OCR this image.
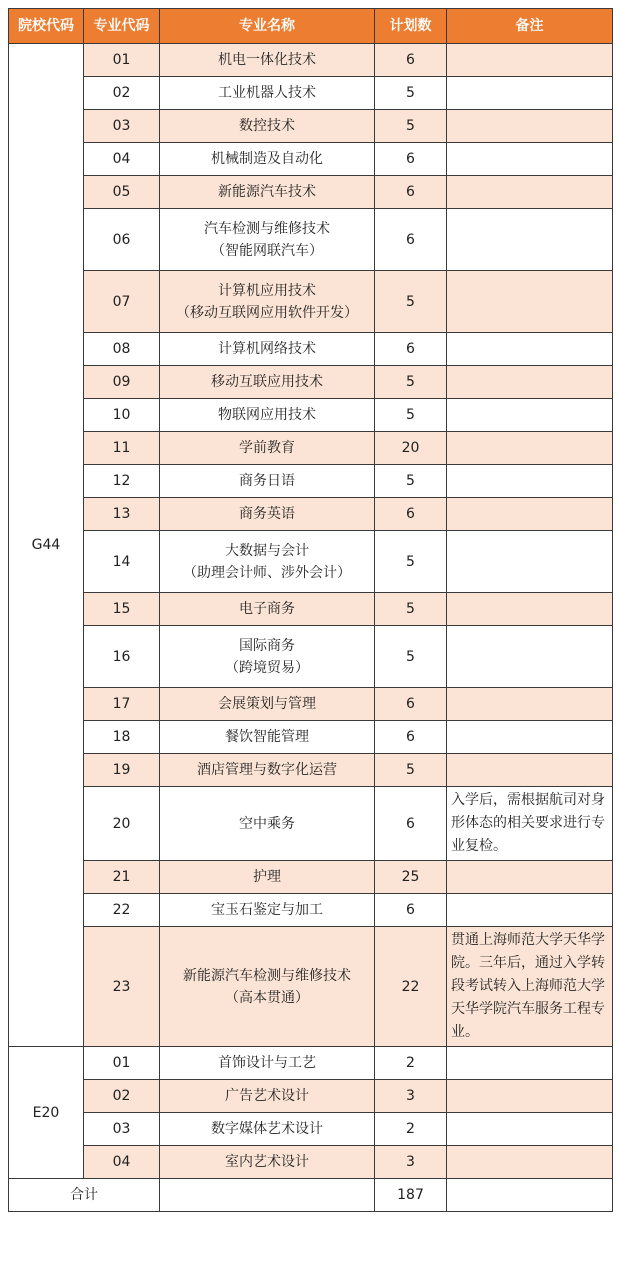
院校代码	专业代码	专业名称	计划数	备注
G44	01	机电一体化技术	6	
	02	工业机器人技术	5	
	03	数控技术	5	
	04	机械制造及自动化	6	
	05	新能源汽车技术	6	
	06	汽车检测与维修技术
（智能网联汽车）	6	
	07	计算机应用技术
（移动互联网应用软件开发）	5	
	08	计算机网络技术	6	
	09	移动互联应用技术	5	
	10	物联网应用技术	5	
	11	学前教育	20	
	12	商务日语	5	
	13	商务英语	6	
	14	大数据与会计
（助理会计师、涉外会计）	5	
	15	电子商务	5	
	16	国际商务
（跨境贸易）	5	
	17	会展策划与管理	6	
	18	餐饮智能管理	6	
	19	酒店管理与数字化运营	5	
	20	空中乘务	6	入学后，需根据航司对身形体态的相关要求进行专业复检。
	21	护理	25	
	22	宝玉石鉴定与加工	6	
	23	新能源汽车检测与维修技术
（高本贯通）	22	贯通上海师范大学天华学院。三年后，通过入学转段考试转入上海师范大学天华学院汽车服务工程专业。
E20	01	首饰设计与工艺	2	
	02	广告艺术设计	3	
	03	数字媒体艺术设计	2	
	04	室内艺术设计	3	
合计			187	
